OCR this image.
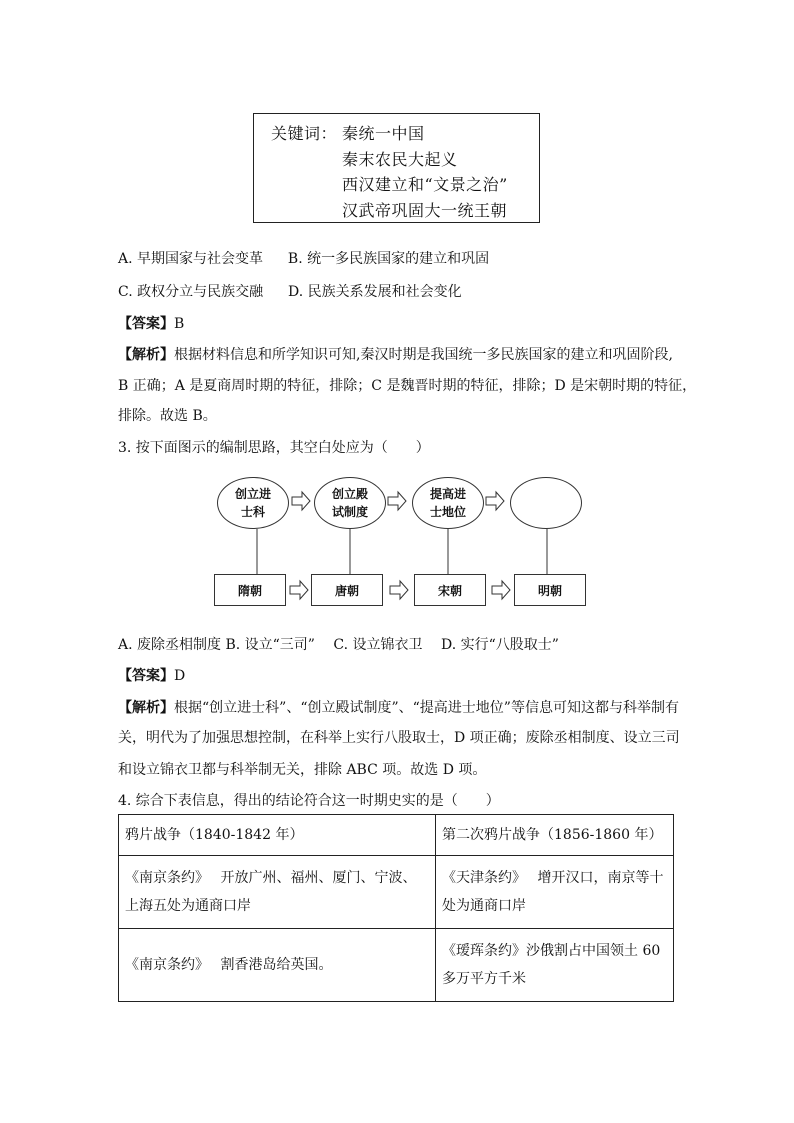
关键词： 秦统一中国
秦末农民大起义
西汉建立和“文景之治”
汉武帝巩固大一统王朝
A. 早期国家与社会变革 B. 统一多民族国家的建立和巩固
C. 政权分立与民族交融 D. 民族关系发展和社会变化
【答案】B
【解析】根据材料信息和所学知识可知,秦汉时期是我国统一多民族国家的建立和巩固阶段,
B 正确；A 是夏商周时期的特征，排除；C 是魏晋时期的特征，排除；D 是宋朝时期的特征，
排除。故选 B。
3. 按下面图示的编制思路，其空白处应为（　　）
创立进
士科
创立殿
试制度
提高进
士地位
隋朝	唐朝	宋朝	明朝
A. 废除丞相制度 B. 设立“三司”　 C. 设立锦衣卫　 D. 实行“八股取士”
【答案】D
【解析】根据“创立进士科”、“创立殿试制度”、“提高进士地位”等信息可知这都与科举制有
关，明代为了加强思想控制，在科举上实行八股取士，D 项正确；废除丞相制度、设立三司
和设立锦衣卫都与科举制无关，排除 ABC 项。故选 D 项。
4. 综合下表信息，得出的结论符合这一时期史实的是（　　）
鸦片战争（1840-1842 年）	第二次鸦片战争（1856-1860 年）
《南京条约》　 开放广州、福州、厦门、宁波、上海五处为通商口岸	《天津条约》　 增开汉口，南京等十处为通商口岸
《南京条约》　 割香港岛给英国。	《瑷珲条约》沙俄割占中国领土 60 多万平方千米
